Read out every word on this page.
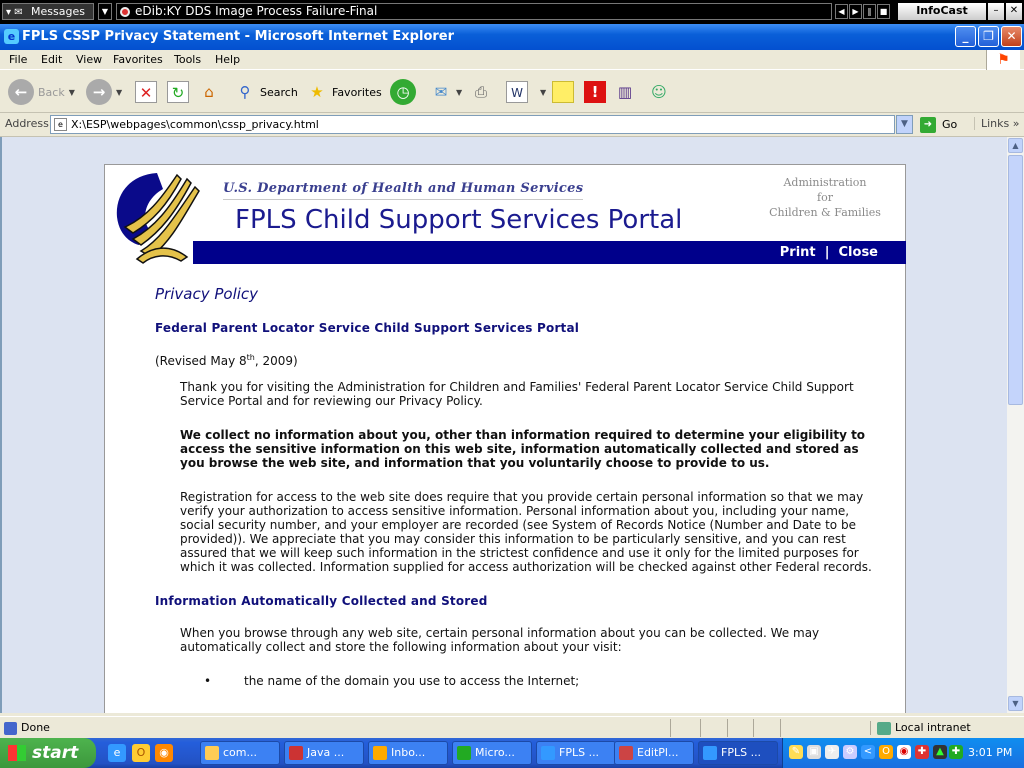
▾ ✉ Messages	▼	eDib:KY DDS Image Process Failure-Final	◀ ▶	‖	■	InfoCast	–	✕
e FPLS CSSP Privacy Statement - Microsoft Internet Explorer	_	❐	✕
File Edit View Favorites Tools Help	⚑
← Back ▼	→	▼	✕	↻	⌂	⚲ Search ★ Favorites ◷	✉	▼ ⎙	W	▼	!	▥ ☺
Address	e X:\ESP\webpages\common\cssp_privacy.html	▼	➜ Go	Links »
U.S. Department of Health and Human Services
FPLS Child Support Services Portal
Administration
for
Children & Families
Print | Close
Privacy Policy
Federal Parent Locator Service Child Support Services Portal
(Revised May 8th, 2009)

Thank you for visiting the Administration for Children and Families' Federal Parent Locator Service Child Support Service Portal and for reviewing our Privacy Policy.

We collect no information about you, other than information required to determine your eligibility to access the sensitive information on this web site, information automatically collected and stored as you browse the web site, and information that you voluntarily choose to provide to us.

Registration for access to the web site does require that you provide certain personal information so that we may verify your authorization to access sensitive information. Personal information about you, including your name, social security number, and your employer are recorded (see System of Records Notice (Number and Date to be provided)). We appreciate that you may consider this information to be particularly sensitive, and you can rest assured that we will keep such information in the strictest confidence and use it only for the limited purposes for which it was collected. Information supplied for access authorization will be checked against other Federal records.

Information Automatically Collected and Stored

When you browse through any web site, certain personal information about you can be collected. We may automatically collect and store the following information about your visit:

• the name of the domain you use to access the Internet;
▲
▼
Done	Local intranet
start	e	O	◉	com...	Java ...	Inbo...	Micro...	FPLS ...	EditPl...	FPLS ...	✎ ▣ ✈ ⚙ < O ◉ ✚ ▲ ✚ 3:01 PM
